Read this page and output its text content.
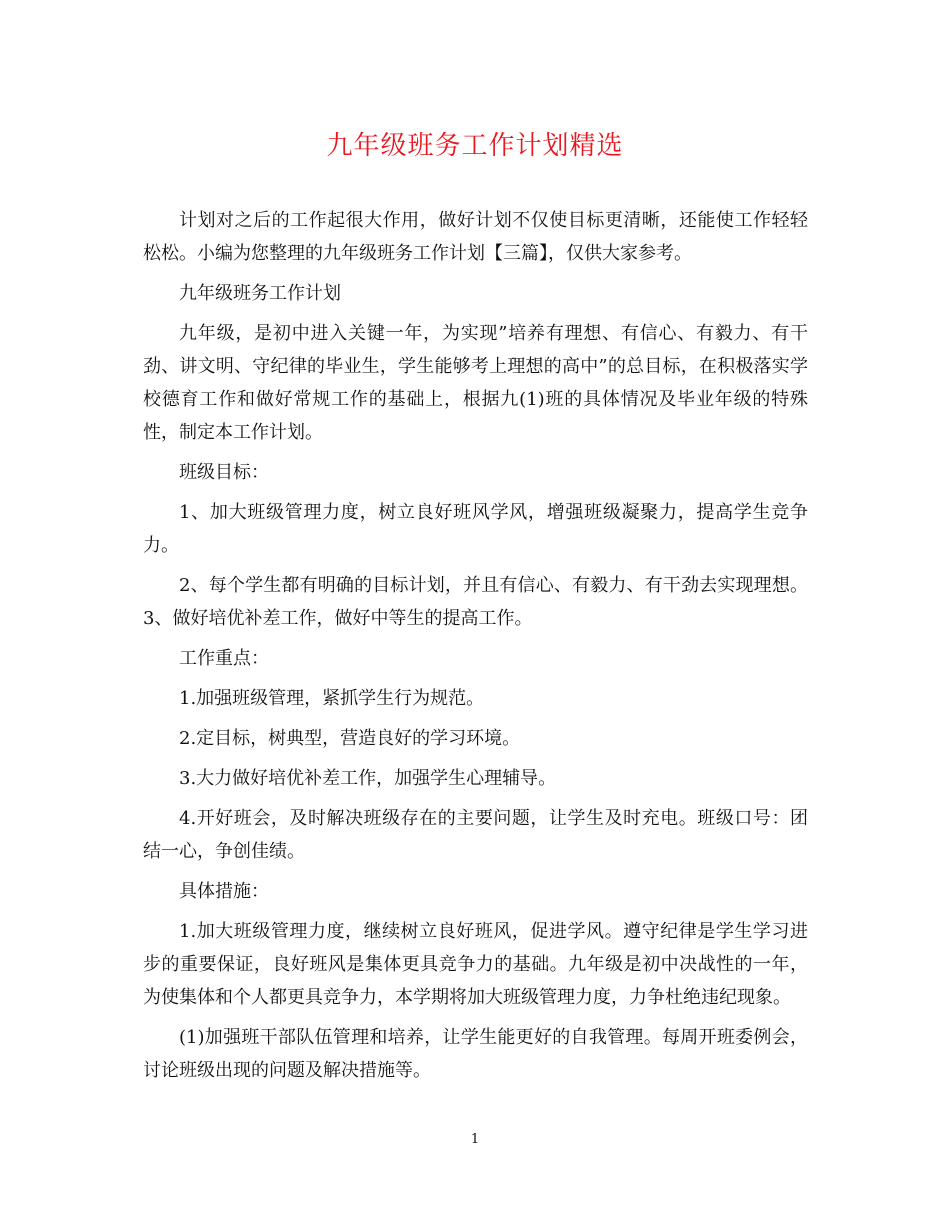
九年级班务工作计划精选

计划对之后的工作起很大作用，做好计划不仅使目标更清晰，还能使工作轻轻松松。小编为您整理的九年级班务工作计划【三篇】，仅供大家参考。

九年级班务工作计划

九年级，是初中进入关键一年，为实现”培养有理想、有信心、有毅力、有干劲、讲文明、守纪律的毕业生，学生能够考上理想的高中”的总目标，在积极落实学校德育工作和做好常规工作的基础上，根据九(1)班的具体情况及毕业年级的特殊性，制定本工作计划。

班级目标：

1、加大班级管理力度，树立良好班风学风，增强班级凝聚力，提高学生竞争力。

2、每个学生都有明确的目标计划，并且有信心、有毅力、有干劲去实现理想。3、做好培优补差工作，做好中等生的提高工作。

工作重点：

1.加强班级管理，紧抓学生行为规范。

2.定目标，树典型，营造良好的学习环境。

3.大力做好培优补差工作，加强学生心理辅导。

4.开好班会，及时解决班级存在的主要问题，让学生及时充电。班级口号：团结一心，争创佳绩。

具体措施：

1.加大班级管理力度，继续树立良好班风，促进学风。遵守纪律是学生学习进步的重要保证，良好班风是集体更具竞争力的基础。九年级是初中决战性的一年，为使集体和个人都更具竞争力，本学期将加大班级管理力度，力争杜绝违纪现象。

(1)加强班干部队伍管理和培养，让学生能更好的自我管理。每周开班委例会，讨论班级出现的问题及解决措施等。

1
